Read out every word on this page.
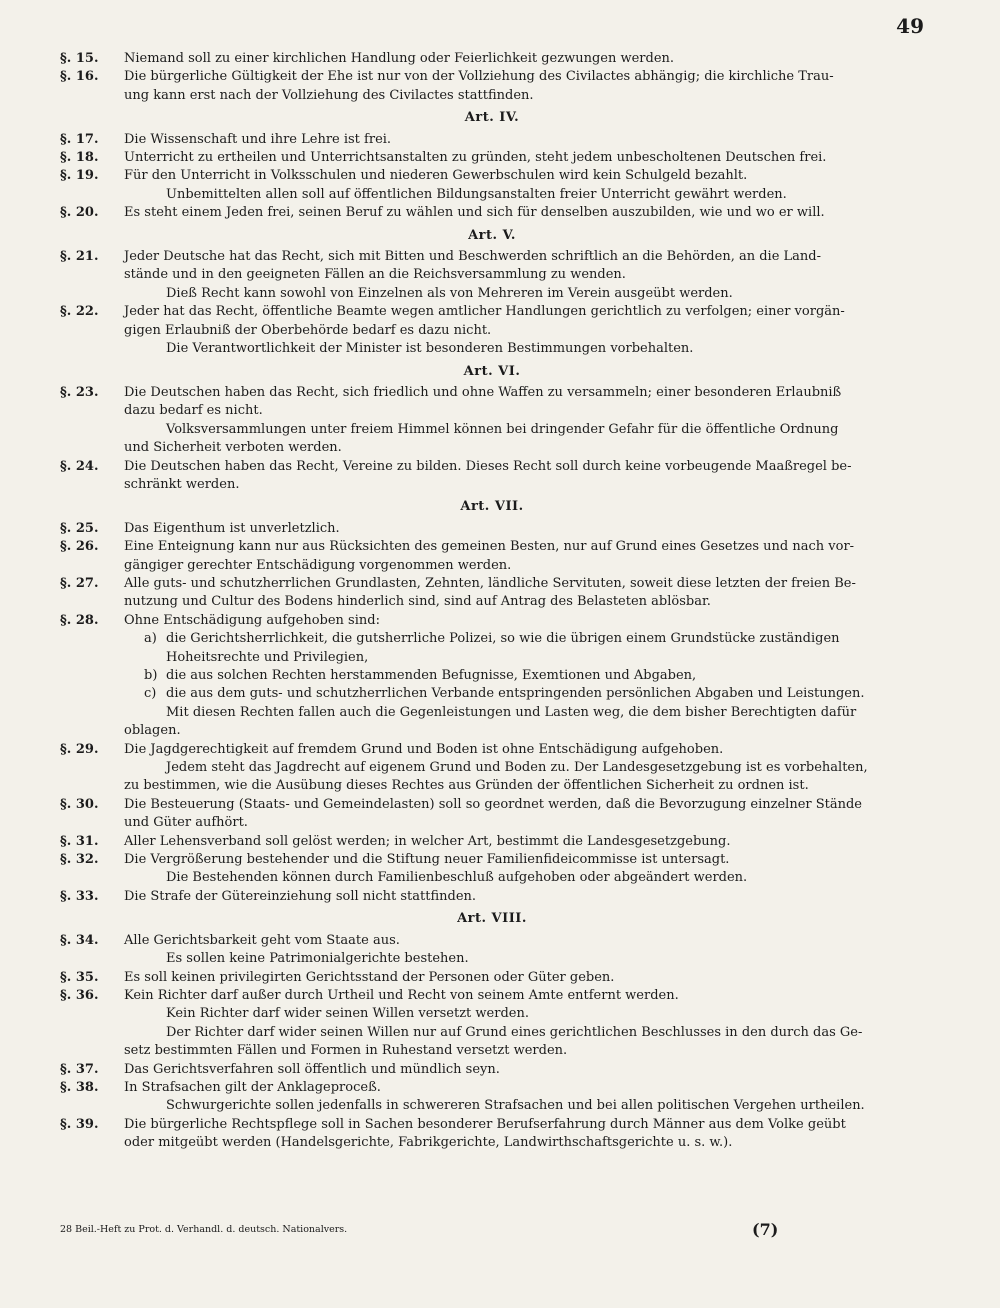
49
§. 15.	Niemand soll zu einer kirchlichen Handlung oder Feierlichkeit gezwungen werden.
§. 16.	Die bürgerliche Gültigkeit der Ehe ist nur von der Vollziehung des Civilactes abhängig; die kirchliche Trau-
ung kann erst nach der Vollziehung des Civilactes stattfinden.
Art. IV.
§. 17.	Die Wissenschaft und ihre Lehre ist frei.
§. 18.	Unterricht zu ertheilen und Unterrichtsanstalten zu gründen, steht jedem unbescholtenen Deutschen frei.
§. 19.	Für den Unterricht in Volksschulen und niederen Gewerbschulen wird kein Schulgeld bezahlt.
Unbemittelten allen soll auf öffentlichen Bildungsanstalten freier Unterricht gewährt werden.
§. 20.	Es steht einem Jeden frei, seinen Beruf zu wählen und sich für denselben auszubilden, wie und wo er will.
Art. V.
§. 21.	Jeder Deutsche hat das Recht, sich mit Bitten und Beschwerden schriftlich an die Behörden, an die Land-
stände und in den geeigneten Fällen an die Reichsversammlung zu wenden.
Dieß Recht kann sowohl von Einzelnen als von Mehreren im Verein ausgeübt werden.
§. 22.	Jeder hat das Recht, öffentliche Beamte wegen amtlicher Handlungen gerichtlich zu verfolgen; einer vorgän-
gigen Erlaubniß der Oberbehörde bedarf es dazu nicht.
Die Verantwortlichkeit der Minister ist besonderen Bestimmungen vorbehalten.
Art. VI.
§. 23.	Die Deutschen haben das Recht, sich friedlich und ohne Waffen zu versammeln; einer besonderen Erlaubniß
dazu bedarf es nicht.
Volksversammlungen unter freiem Himmel können bei dringender Gefahr für die öffentliche Ordnung
und Sicherheit verboten werden.
§. 24.	Die Deutschen haben das Recht, Vereine zu bilden. Dieses Recht soll durch keine vorbeugende Maaßregel be-
schränkt werden.
Art. VII.
§. 25.	Das Eigenthum ist unverletzlich.
§. 26.	Eine Enteignung kann nur aus Rücksichten des gemeinen Besten, nur auf Grund eines Gesetzes und nach vor-
gängiger gerechter Entschädigung vorgenommen werden.
§. 27.	Alle guts- und schutzherrlichen Grundlasten, Zehnten, ländliche Servituten, soweit diese letzten der freien Be-
nutzung und Cultur des Bodens hinderlich sind, sind auf Antrag des Belasteten ablösbar.
§. 28.	Ohne Entschädigung aufgehoben sind:
a) die Gerichtsherrlichkeit, die gutsherrliche Polizei, so wie die übrigen einem Grundstücke zuständigen
Hoheitsrechte und Privilegien,
b) die aus solchen Rechten herstammenden Befugnisse, Exemtionen und Abgaben,
c) die aus dem guts- und schutzherrlichen Verbande entspringenden persönlichen Abgaben und Leistungen.
Mit diesen Rechten fallen auch die Gegenleistungen und Lasten weg, die dem bisher Berechtigten dafür
oblagen.
§. 29.	Die Jagdgerechtigkeit auf fremdem Grund und Boden ist ohne Entschädigung aufgehoben.
Jedem steht das Jagdrecht auf eigenem Grund und Boden zu. Der Landesgesetzgebung ist es vorbehalten,
zu bestimmen, wie die Ausübung dieses Rechtes aus Gründen der öffentlichen Sicherheit zu ordnen ist.
§. 30.	Die Besteuerung (Staats- und Gemeindelasten) soll so geordnet werden, daß die Bevorzugung einzelner Stände
und Güter aufhört.
§. 31.	Aller Lehensverband soll gelöst werden; in welcher Art, bestimmt die Landesgesetzgebung.
§. 32.	Die Vergrößerung bestehender und die Stiftung neuer Familienfideicommisse ist untersagt.
Die Bestehenden können durch Familienbeschluß aufgehoben oder abgeändert werden.
§. 33.	Die Strafe der Gütereinziehung soll nicht stattfinden.
Art. VIII.
§. 34.	Alle Gerichtsbarkeit geht vom Staate aus.
Es sollen keine Patrimonialgerichte bestehen.
§. 35.	Es soll keinen privilegirten Gerichtsstand der Personen oder Güter geben.
§. 36.	Kein Richter darf außer durch Urtheil und Recht von seinem Amte entfernt werden.
Kein Richter darf wider seinen Willen versetzt werden.
Der Richter darf wider seinen Willen nur auf Grund eines gerichtlichen Beschlusses in den durch das Ge-
setz bestimmten Fällen und Formen in Ruhestand versetzt werden.
§. 37.	Das Gerichtsverfahren soll öffentlich und mündlich seyn.
§. 38.	In Strafsachen gilt der Anklageproceß.
Schwurgerichte sollen jedenfalls in schwereren Strafsachen und bei allen politischen Vergehen urtheilen.
§. 39.	Die bürgerliche Rechtspflege soll in Sachen besonderer Berufserfahrung durch Männer aus dem Volke geübt
oder mitgeübt werden (Handelsgerichte, Fabrikgerichte, Landwirthschaftsgerichte u. s. w.).
28 Beil.-Heft zu Prot. d. Verhandl. d. deutsch. Nationalvers.	(7)
